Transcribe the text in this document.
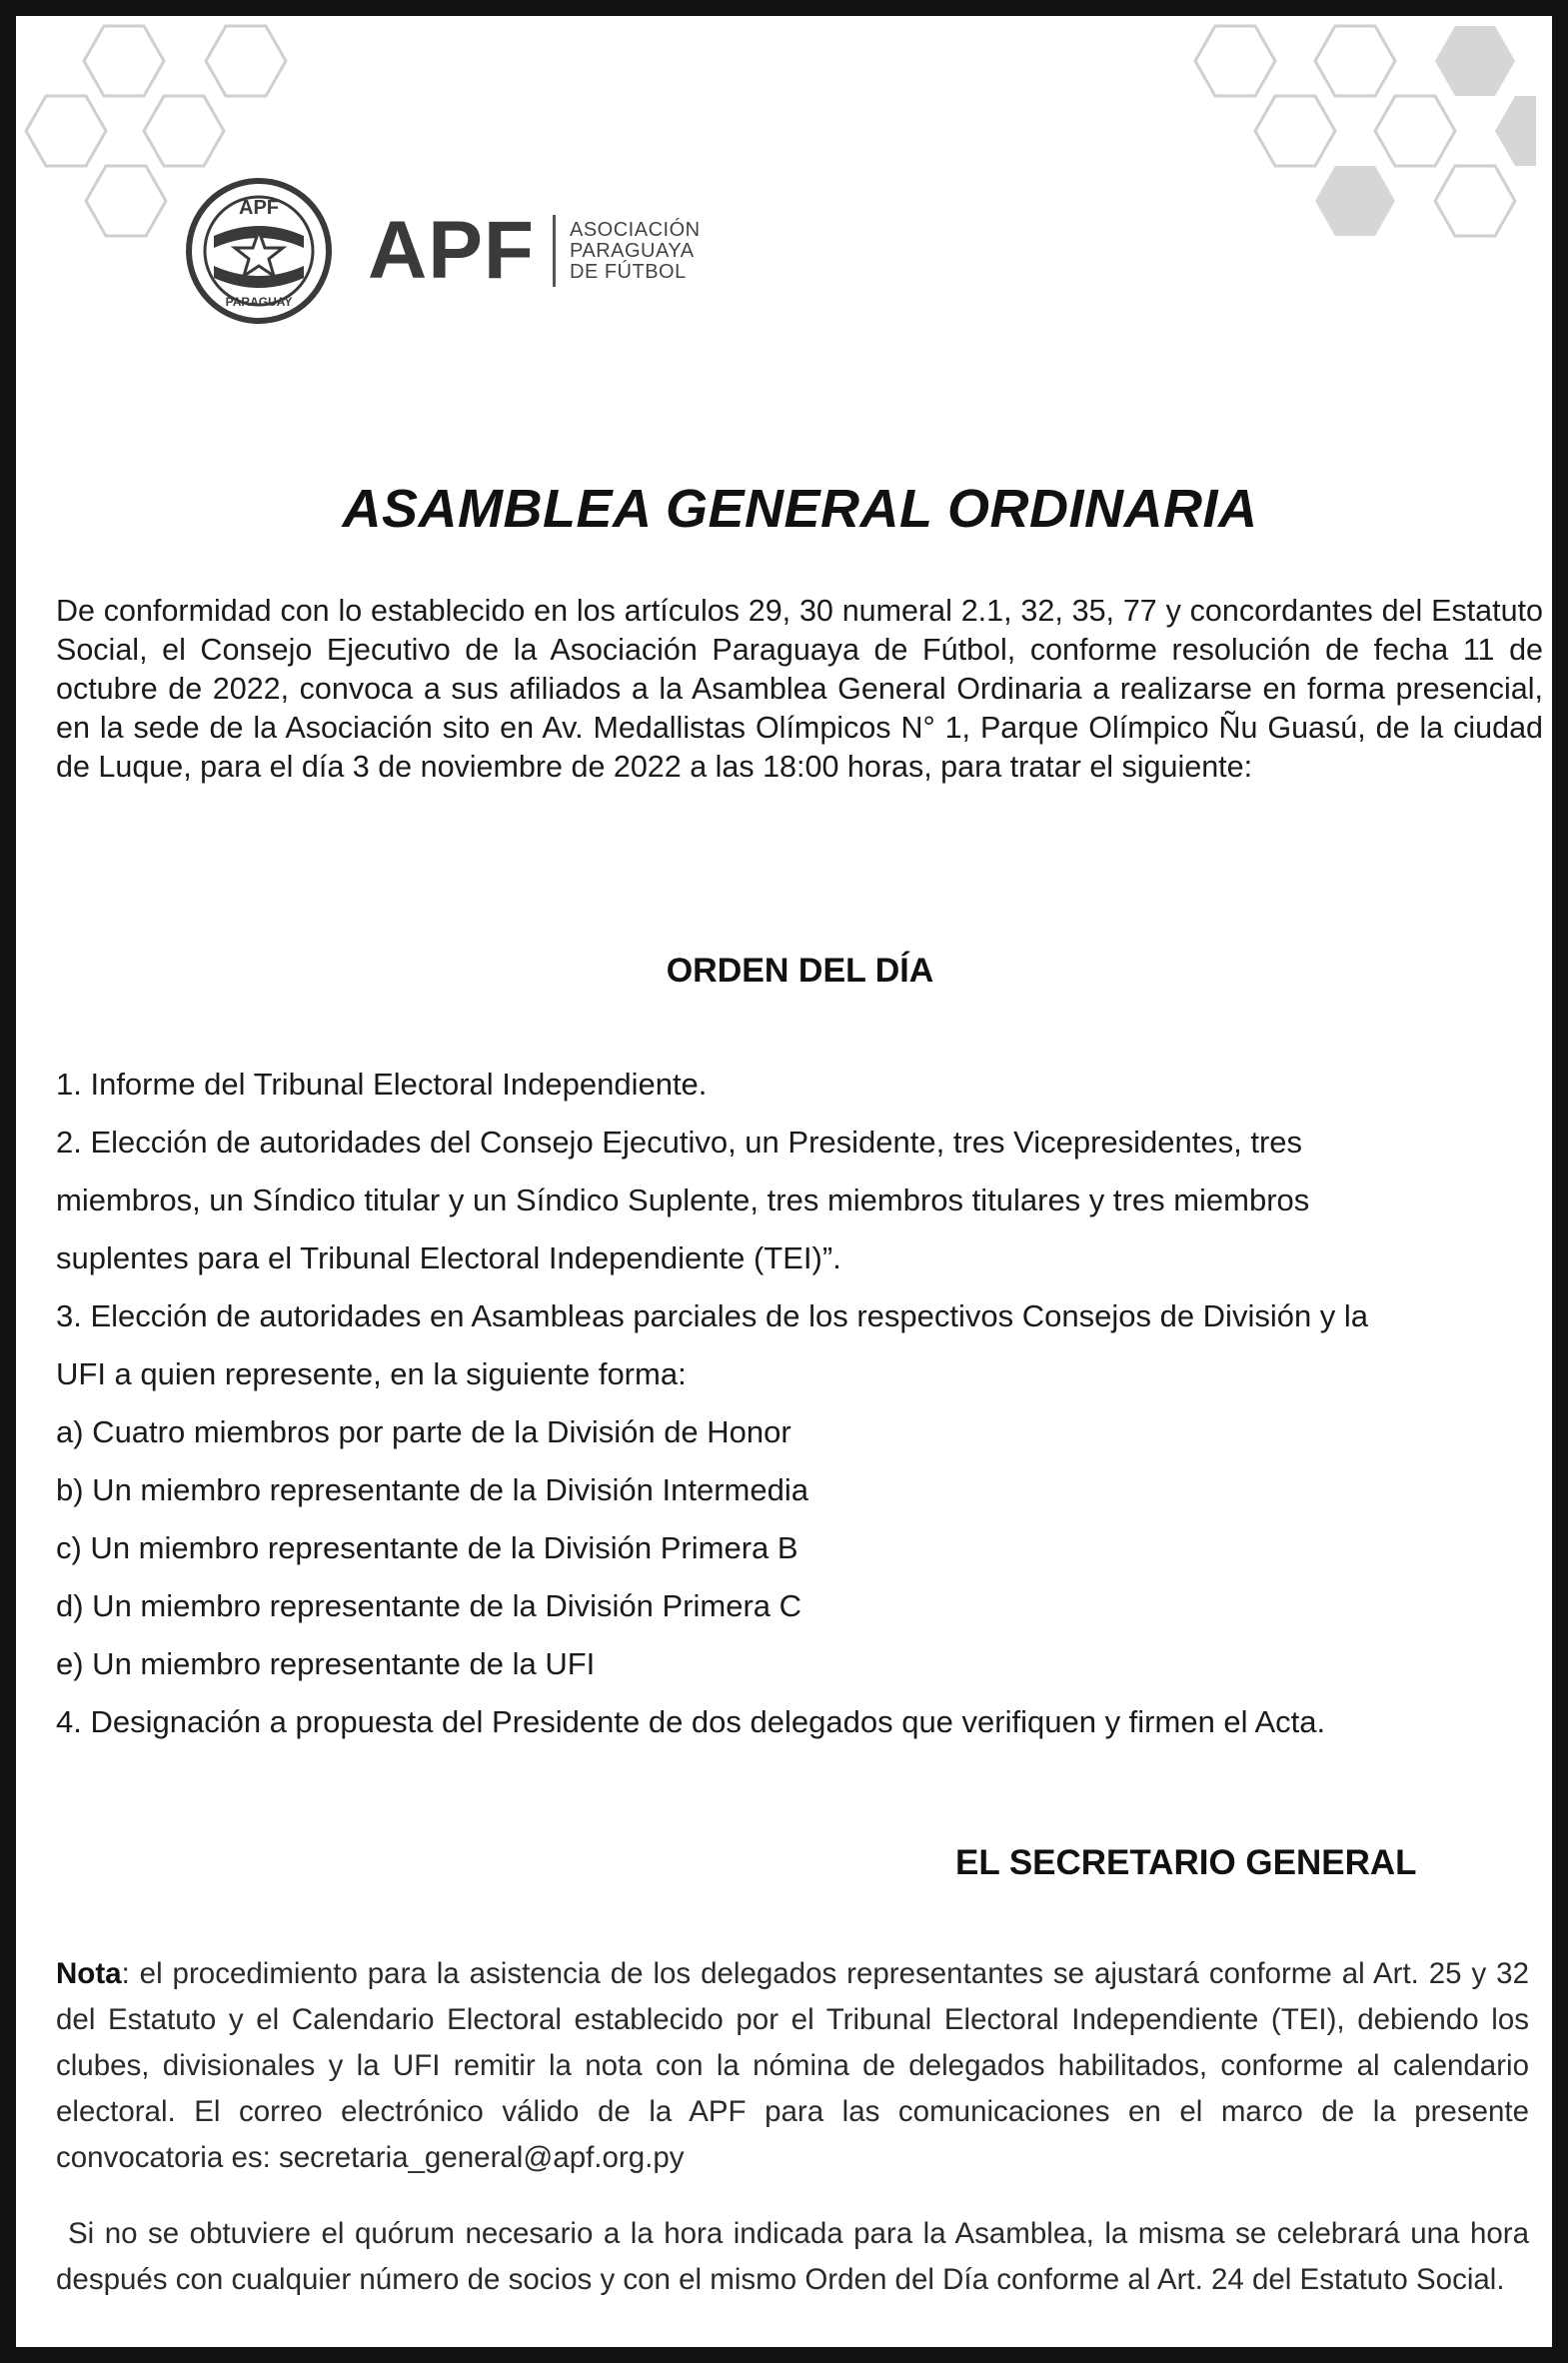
APF
PARAGUAY
APF ASOCIACIÓN
PARAGUAYA
DE FÚTBOL
ASAMBLEA GENERAL ORDINARIA

De conformidad con lo establecido en los artículos 29, 30 numeral 2.1, 32, 35, 77 y concordantes del Estatuto Social, el Consejo Ejecutivo de la Asociación Paraguaya de Fútbol, conforme resolución de fecha 11 de octubre de 2022, convoca a sus afiliados a la Asamblea General Ordinaria a realizarse en forma presencial, en la sede de la Asociación sito en Av. Medallistas Olímpicos N° 1, Parque Olímpico Ñu Guasú, de la ciudad de Luque, para el día 3 de noviembre de 2022 a las 18:00 horas, para tratar el siguiente:

ORDEN DEL DÍA
1. Informe del Tribunal Electoral Independiente.
2. Elección de autoridades del Consejo Ejecutivo, un Presidente, tres Vicepresidentes, tres
miembros, un Síndico titular y un Síndico Suplente, tres miembros titulares y tres miembros
suplentes para el Tribunal Electoral Independiente (TEI)”.
3. Elección de autoridades en Asambleas parciales de los respectivos Consejos de División y la
UFI a quien represente, en la siguiente forma:
a) Cuatro miembros por parte de la División de Honor
b) Un miembro representante de la División Intermedia
c) Un miembro representante de la División Primera B
d) Un miembro representante de la División Primera C
e) Un miembro representante de la UFI
4. Designación a propuesta del Presidente de dos delegados que verifiquen y firmen el Acta.
EL SECRETARIO GENERAL

Nota: el procedimiento para la asistencia de los delegados representantes se ajustará conforme al Art. 25 y 32 del Estatuto y el Calendario Electoral establecido por el Tribunal Electoral Independiente (TEI), debiendo los clubes, divisionales y la UFI remitir la nota con la nómina de delegados habilitados, conforme al calendario electoral. El correo electrónico válido de la APF para las comunicaciones en el marco de la presente convocatoria es: secretaria_general@apf.org.py

Si no se obtuviere el quórum necesario a la hora indicada para la Asamblea, la misma se celebrará una hora después con cualquier número de socios y con el mismo Orden del Día conforme al Art. 24 del Estatuto Social.
